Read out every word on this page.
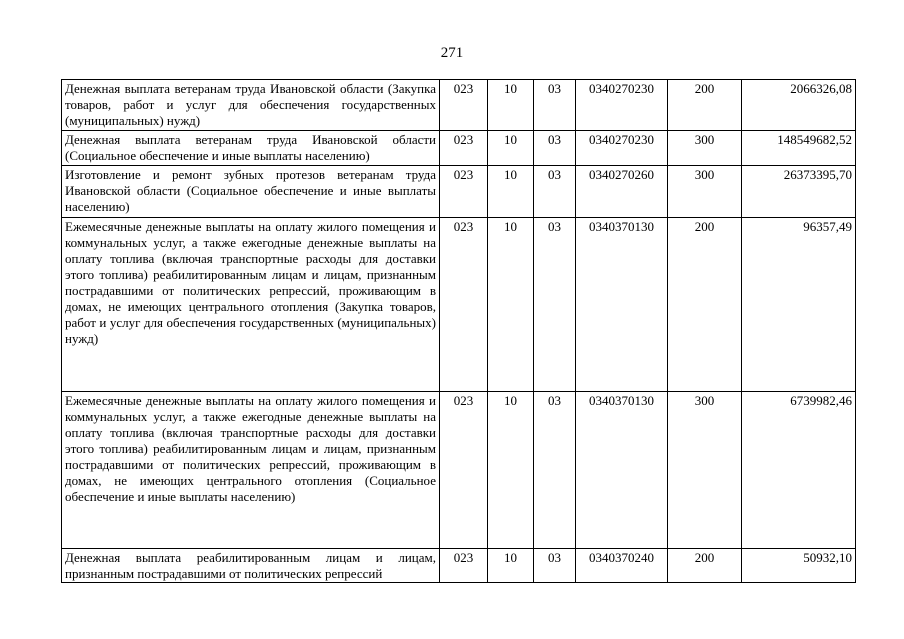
271
Денежная выплата ветеранам труда Ивановской области (Закупка товаров, работ и услуг для обеспечения государственных (муниципальных) нужд)	023	10	03	0340270230	200	2066326,08
Денежная выплата ветеранам труда Ивановской области (Социальное обеспечение и иные выплаты населению)	023	10	03	0340270230	300	148549682,52
Изготовление и ремонт зубных протезов ветеранам труда Ивановской области (Социальное обеспечение и иные выплаты населению)	023	10	03	0340270260	300	26373395,70
Ежемесячные денежные выплаты на оплату жилого помещения и коммунальных услуг, а также ежегодные денежные выплаты на оплату топлива (включая транспортные расходы для доставки этого топлива) реабилитированным лицам и лицам, признанным пострадавшими от политических репрессий, проживающим в домах, не имеющих центрального отопления (Закупка товаров, работ и услуг для обеспечения государственных (муниципальных) нужд)	023	10	03	0340370130	200	96357,49
Ежемесячные денежные выплаты на оплату жилого помещения и коммунальных услуг, а также ежегодные денежные выплаты на оплату топлива (включая транспортные расходы для доставки этого топлива) реабилитированным лицам и лицам, признанным пострадавшими от политических репрессий, проживающим в домах, не имеющих центрального отопления (Социальное обеспечение и иные выплаты населению)	023	10	03	0340370130	300	6739982,46
Денежная выплата реабилитированным лицам и лицам, признанным пострадавшими от политических репрессий	023	10	03	0340370240	200	50932,10
